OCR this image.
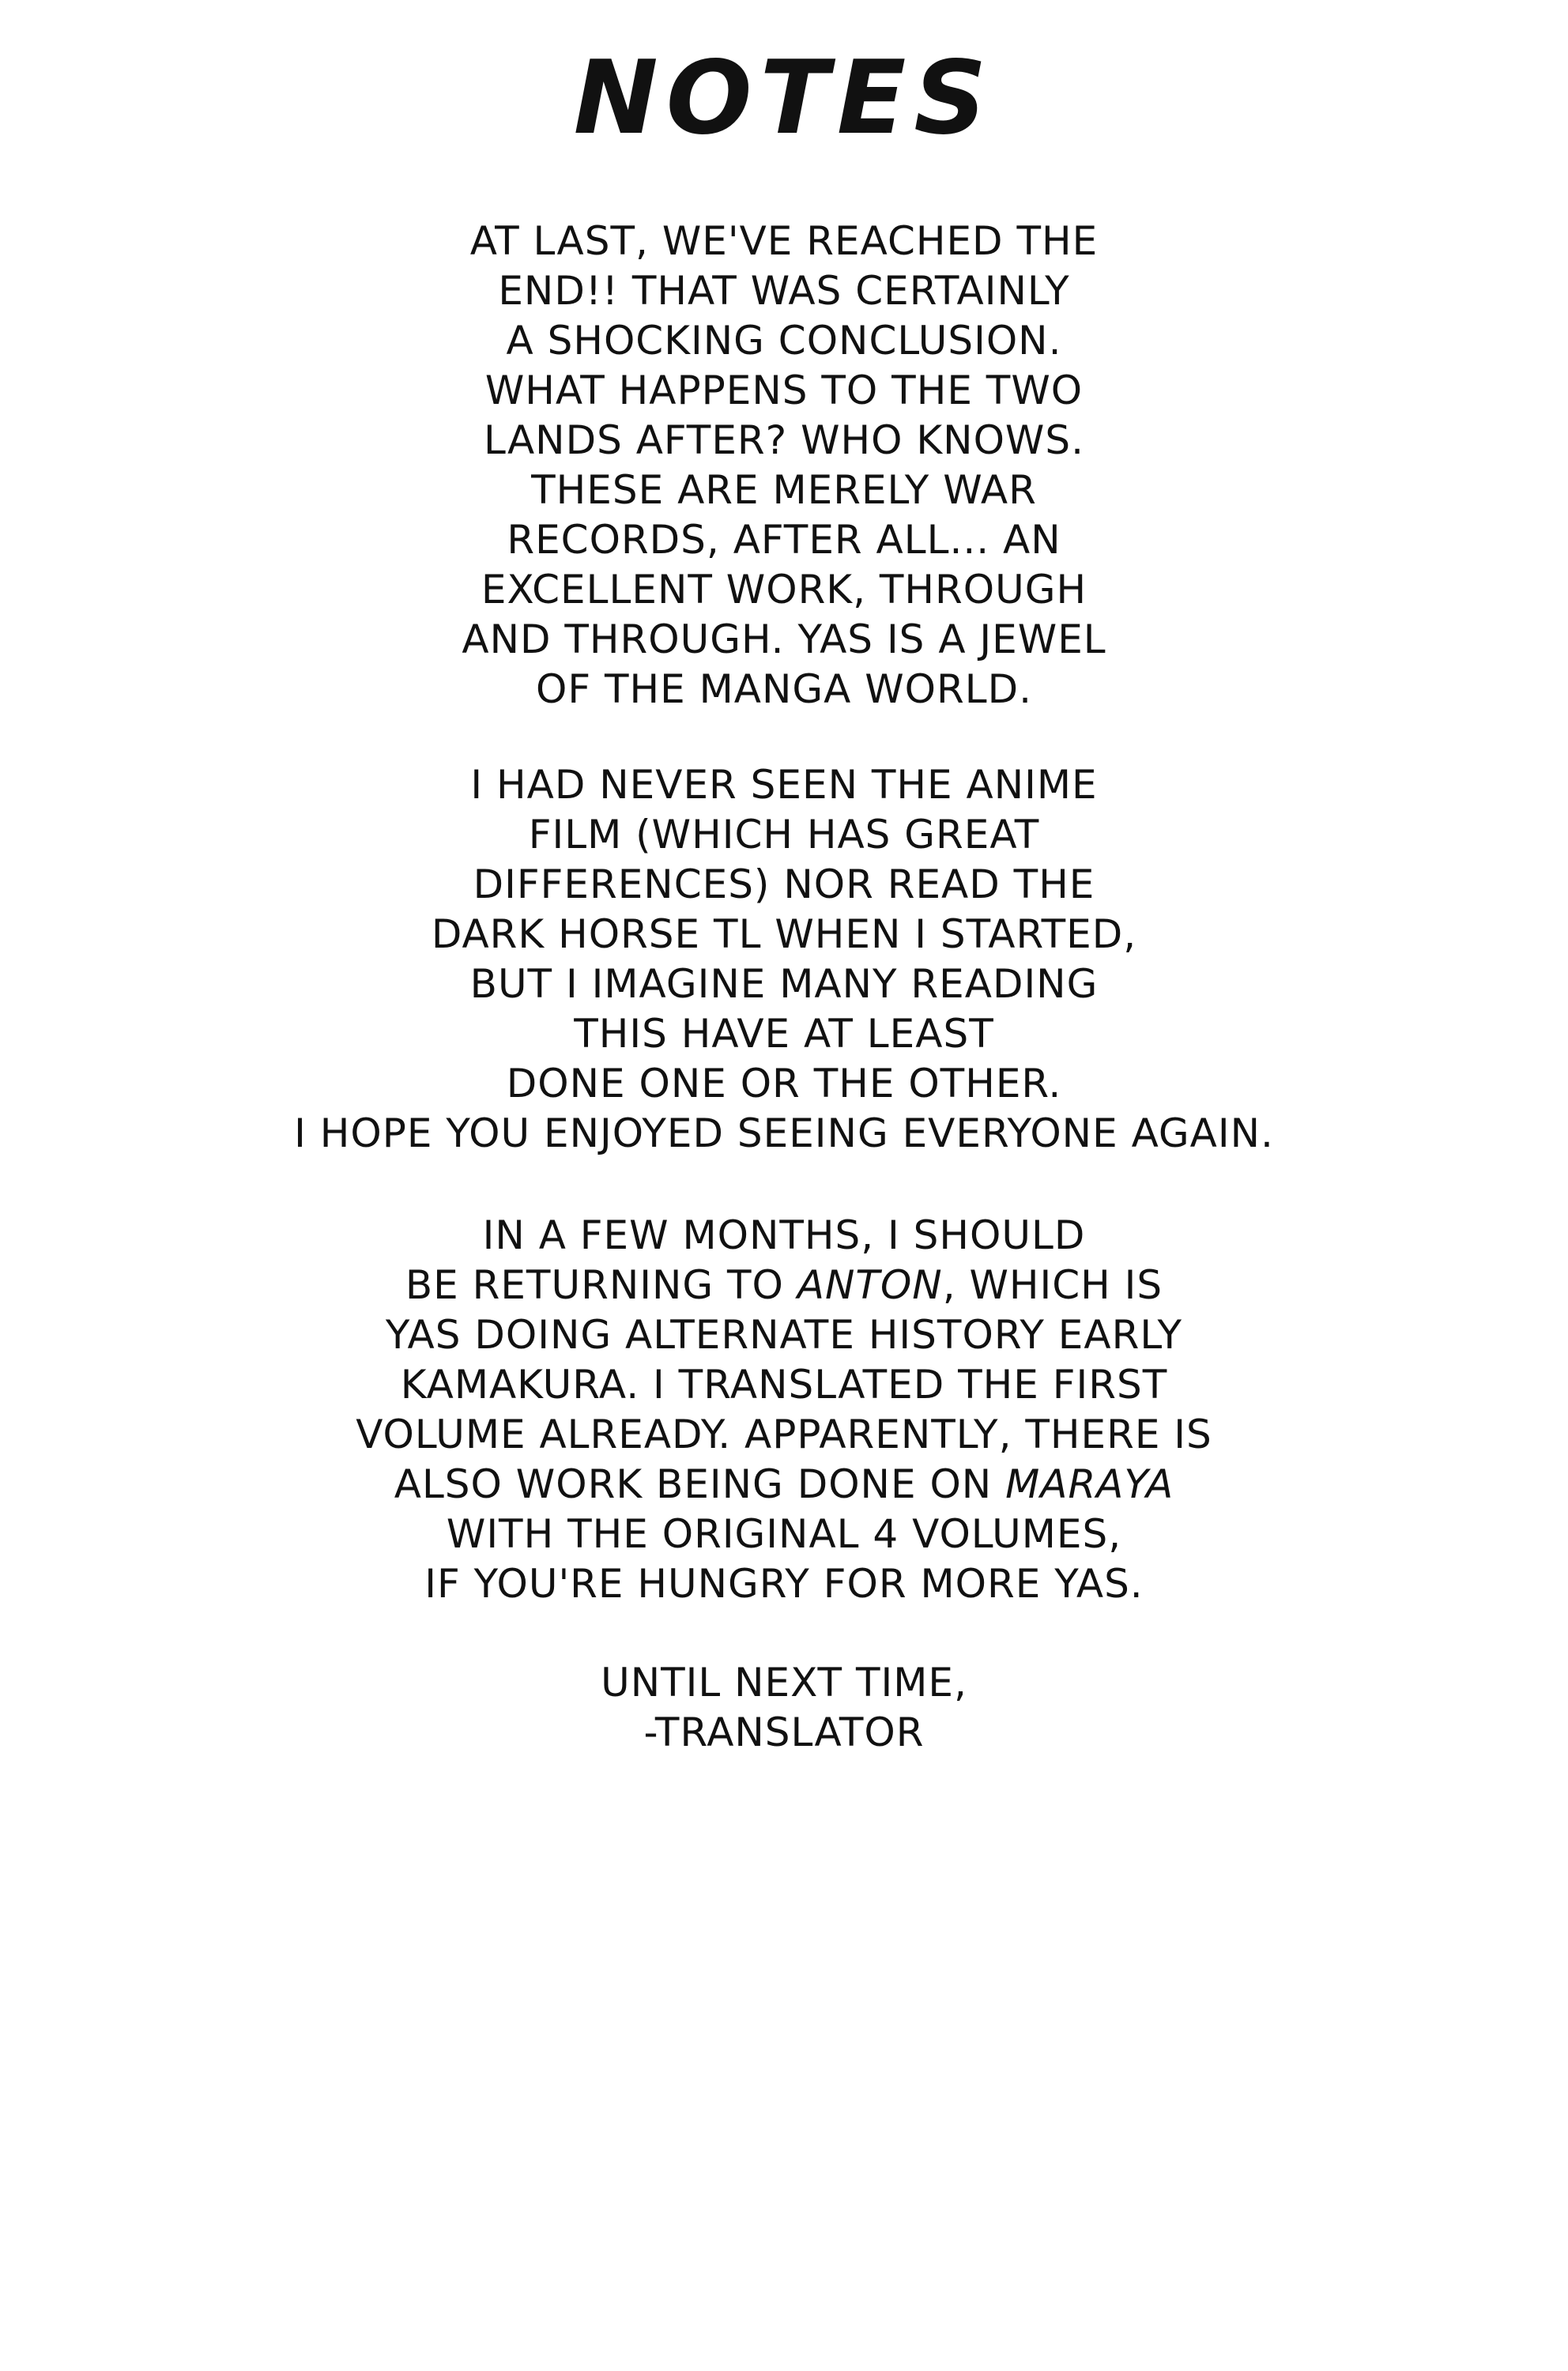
NOTES
AT LAST, WE'VE REACHED THE
END!! THAT WAS CERTAINLY
A SHOCKING CONCLUSION.
WHAT HAPPENS TO THE TWO
LANDS AFTER? WHO KNOWS.
THESE ARE MERELY WAR
RECORDS, AFTER ALL... AN
EXCELLENT WORK, THROUGH
AND THROUGH. YAS IS A JEWEL
OF THE MANGA WORLD.
I HAD NEVER SEEN THE ANIME
FILM (WHICH HAS GREAT
DIFFERENCES) NOR READ THE
DARK HORSE TL WHEN I STARTED,
BUT I IMAGINE MANY READING
THIS HAVE AT LEAST
DONE ONE OR THE OTHER.
I HOPE YOU ENJOYED SEEING EVERYONE AGAIN.
IN A FEW MONTHS, I SHOULD
BE RETURNING TO ANTON, WHICH IS
YAS DOING ALTERNATE HISTORY EARLY
KAMAKURA. I TRANSLATED THE FIRST
VOLUME ALREADY. APPARENTLY, THERE IS
ALSO WORK BEING DONE ON MARAYA
WITH THE ORIGINAL 4 VOLUMES,
IF YOU'RE HUNGRY FOR MORE YAS.
UNTIL NEXT TIME,
-TRANSLATOR
